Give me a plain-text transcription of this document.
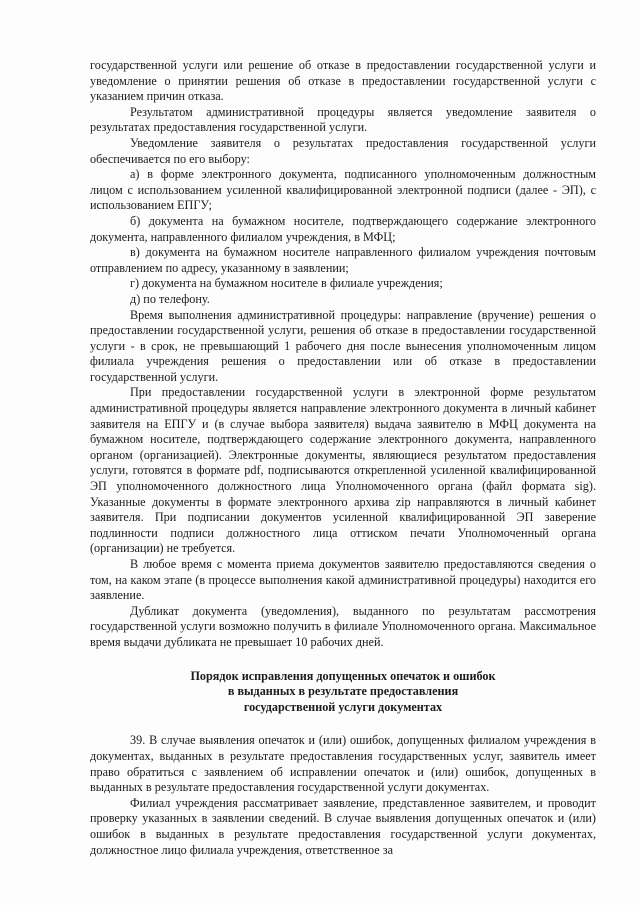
государственной услуги или решение об отказе в предоставлении государственной услуги и уведомление о принятии решения об отказе в предоставлении государственной услуги с указанием причин отказа.

Результатом административной процедуры является уведомление заявителя о результатах предоставления государственной услуги.

Уведомление заявителя о результатах предоставления государственной услуги обеспечивается по его выбору:

а) в форме электронного документа, подписанного уполномоченным должностным лицом с использованием усиленной квалифицированной электронной подписи (далее - ЭП), с использованием ЕПГУ;

б) документа на бумажном носителе, подтверждающего содержание электронного документа, направленного филиалом учреждения, в МФЦ;

в) документа на бумажном носителе направленного филиалом учреждения почтовым отправлением по адресу, указанному в заявлении;

г) документа на бумажном носителе в филиале учреждения;

д) по телефону.

Время выполнения административной процедуры: направление (вручение) решения о предоставлении государственной услуги, решения об отказе в предоставлении государственной услуги - в срок, не превышающий 1 рабочего дня после вынесения уполномоченным лицом филиала учреждения решения о предоставлении или об отказе в предоставлении государственной услуги.

При предоставлении государственной услуги в электронной форме результатом административной процедуры является направление электронного документа в личный кабинет заявителя на ЕПГУ и (в случае выбора заявителя) выдача заявителю в МФЦ документа на бумажном носителе, подтверждающего содержание электронного документа, направленного органом (организацией). Электронные документы, являющиеся результатом предоставления услуги, готовятся в формате pdf, подписываются открепленной усиленной квалифицированной ЭП уполномоченного должностного лица Уполномоченного органа (файл формата sig). Указанные документы в формате электронного архива zip направляются в личный кабинет заявителя. При подписании документов усиленной квалифицированной ЭП заверение подлинности подписи должностного лица оттиском печати Уполномоченный органа (организации) не требуется.

В любое время с момента приема документов заявителю предоставляются сведения о том, на каком этапе (в процессе выполнения какой административной процедуры) находится его заявление.

Дубликат документа (уведомления), выданного по результатам рассмотрения государственной услуги возможно получить в филиале Уполномоченного органа. Максимальное время выдачи дубликата не превышает 10 рабочих дней.

Порядок исправления допущенных опечаток и ошибок
в выданных в результате предоставления
государственной услуги документах

39. В случае выявления опечаток и (или) ошибок, допущенных филиалом учреждения в документах, выданных в результате предоставления государственных услуг, заявитель имеет право обратиться с заявлением об исправлении опечаток и (или) ошибок, допущенных в выданных в результате предоставления государственной услуги документах.

Филиал учреждения рассматривает заявление, представленное заявителем, и проводит проверку указанных в заявлении сведений. В случае выявления допущенных опечаток и (или) ошибок в выданных в результате предоставления государственной услуги документах, должностное лицо филиала учреждения, ответственное за
